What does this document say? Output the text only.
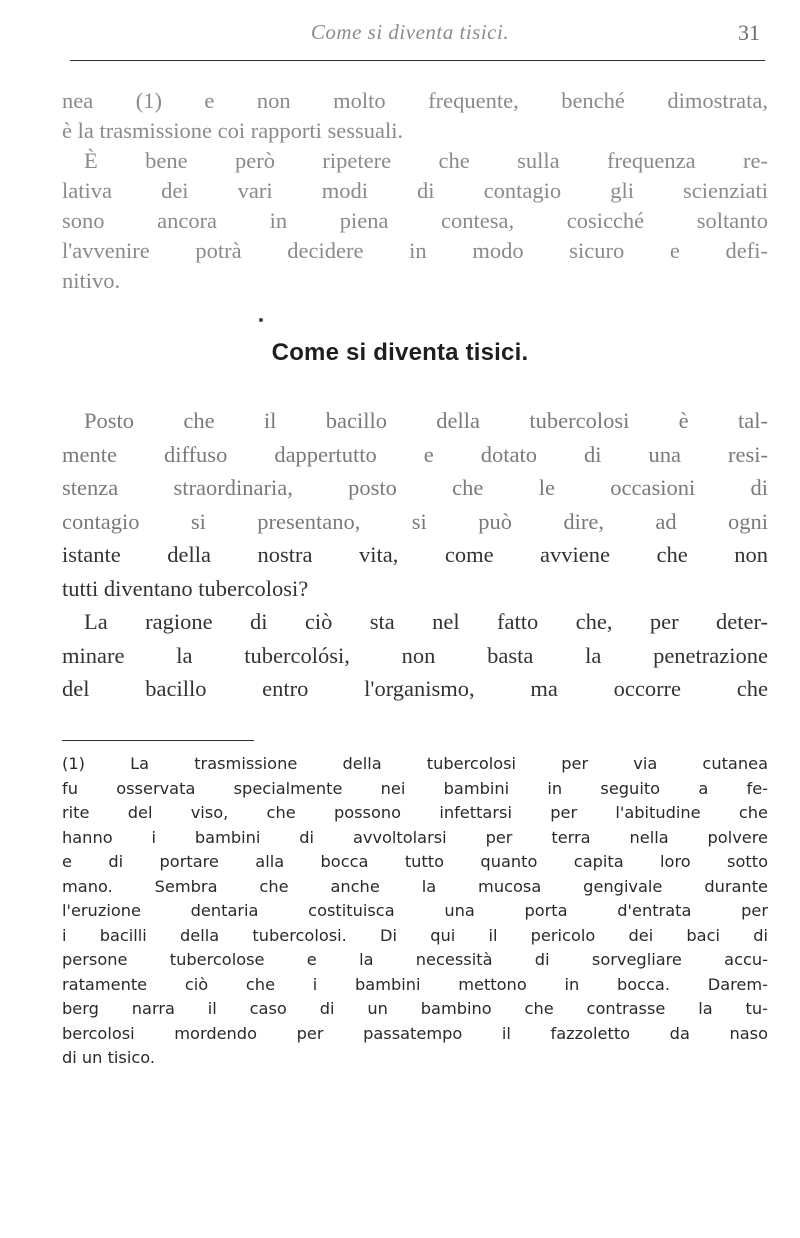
Come si diventa tisici.	31
nea (1) e non molto frequente, benché dimostrata,
è la trasmissione coi rapporti sessuali.
È bene però ripetere che sulla frequenza re-
lativa dei vari modi di contagio gli scienziati
sono ancora in piena contesa, cosicché soltanto
l'avvenire potrà decidere in modo sicuro e defi-
nitivo.
Come si diventa tisici.
Posto che il bacillo della tubercolosi è tal-
mente diffuso dappertutto e dotato di una resi-
stenza straordinaria, posto che le occasioni di
contagio si presentano, si può dire, ad ogni
istante della nostra vita, come avviene che non
tutti diventano tubercolosi?
La ragione di ciò sta nel fatto che, per deter-
minare la tubercolósi, non basta la penetrazione
del bacillo entro l'organismo, ma occorre che
(1) La trasmissione della tubercolosi per via cutanea
fu osservata specialmente nei bambini in seguito a fe-
rite del viso, che possono infettarsi per l'abitudine che
hanno i bambini di avvoltolarsi per terra nella polvere
e di portare alla bocca tutto quanto capita loro sotto
mano. Sembra che anche la mucosa gengivale durante
l'eruzione dentaria costituisca una porta d'entrata per
i bacilli della tubercolosi. Di qui il pericolo dei baci di
persone tubercolose e la necessità di sorvegliare accu-
ratamente ciò che i bambini mettono in bocca. Darem-
berg narra il caso di un bambino che contrasse la tu-
bercolosi mordendo per passatempo il fazzoletto da naso
di un tisico.
